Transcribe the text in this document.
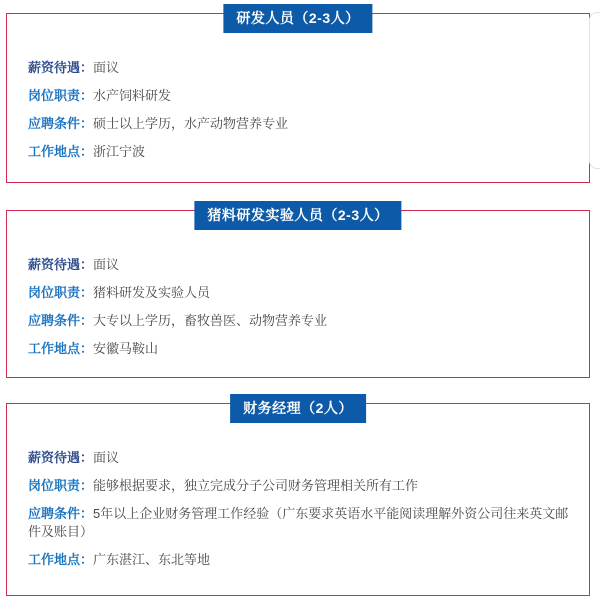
研发人员（2-3人）

薪资待遇：面议

岗位职责：水产饲料研发

应聘条件：硕士以上学历，水产动物营养专业

工作地点：浙江宁波

猪料研发实验人员（2-3人）

薪资待遇：面议

岗位职责：猪料研发及实验人员

应聘条件：大专以上学历，畜牧兽医、动物营养专业

工作地点：安徽马鞍山

财务经理（2人）

薪资待遇：面议

岗位职责：能够根据要求，独立完成分子公司财务管理相关所有工作

应聘条件：5年以上企业财务管理工作经验（广东要求英语水平能阅读理解外资公司往来英文邮件及账目）

工作地点：广东湛江、东北等地
